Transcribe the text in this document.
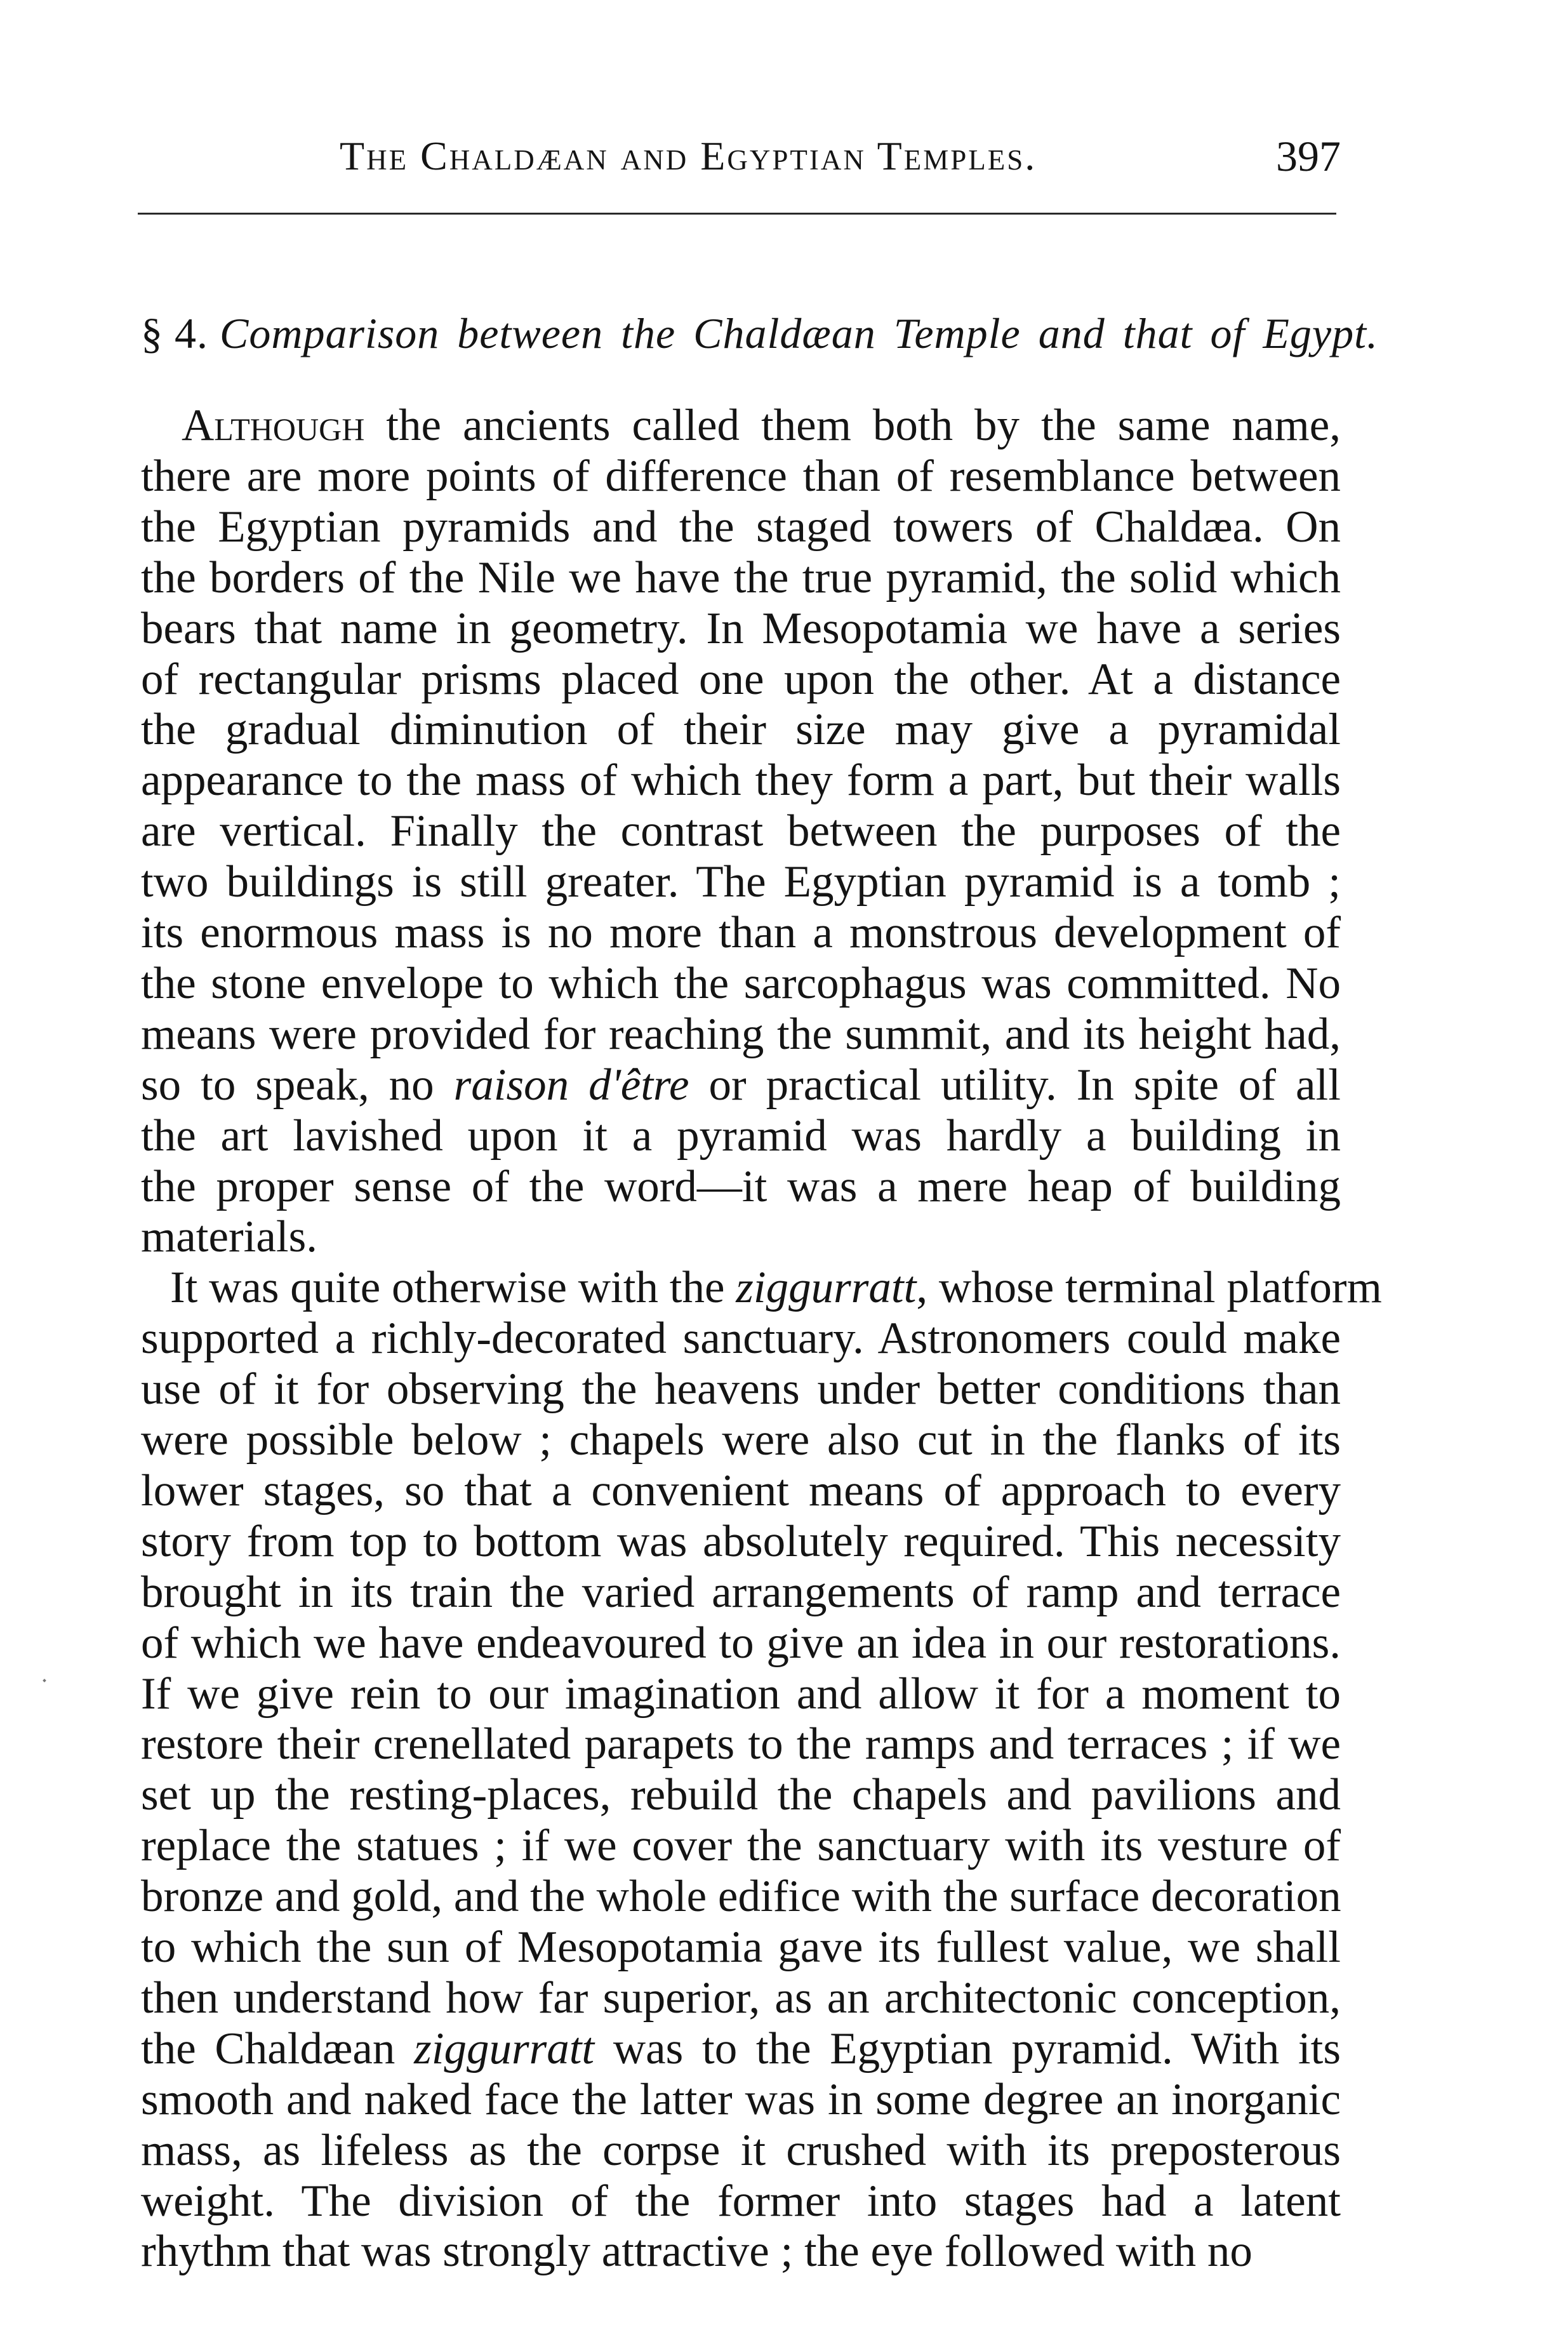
The Chaldæan and Egyptian Temples.	397
§ 4. Comparison between the Chaldæan Temple and that of Egypt.
Although the ancients called them both by the same name,
there are more points of difference than of resemblance between
the Egyptian pyramids and the staged towers of Chaldæa. On
the borders of the Nile we have the true pyramid, the solid which
bears that name in geometry. In Mesopotamia we have a series
of rectangular prisms placed one upon the other. At a distance
the gradual diminution of their size may give a pyramidal
appearance to the mass of which they form a part, but their walls
are vertical. Finally the contrast between the purposes of the
two buildings is still greater. The Egyptian pyramid is a tomb ;
its enormous mass is no more than a monstrous development of
the stone envelope to which the sarcophagus was committed. No
means were provided for reaching the summit, and its height had,
so to speak, no raison d'être or practical utility. In spite of all
the art lavished upon it a pyramid was hardly a building in
the proper sense of the word—it was a mere heap of building
materials.
It was quite otherwise with the ziggurratt, whose terminal platform
supported a richly-decorated sanctuary. Astronomers could make
use of it for observing the heavens under better conditions than
were possible below ; chapels were also cut in the flanks of its
lower stages, so that a convenient means of approach to every
story from top to bottom was absolutely required. This necessity
brought in its train the varied arrangements of ramp and terrace
of which we have endeavoured to give an idea in our restorations.
If we give rein to our imagination and allow it for a moment to
restore their crenellated parapets to the ramps and terraces ; if we
set up the resting-places, rebuild the chapels and pavilions and
replace the statues ; if we cover the sanctuary with its vesture of
bronze and gold, and the whole edifice with the surface decoration
to which the sun of Mesopotamia gave its fullest value, we shall
then understand how far superior, as an architectonic conception,
the Chaldæan ziggurratt was to the Egyptian pyramid. With its
smooth and naked face the latter was in some degree an inorganic
mass, as lifeless as the corpse it crushed with its preposterous
weight. The division of the former into stages had a latent
rhythm that was strongly attractive ; the eye followed with no
